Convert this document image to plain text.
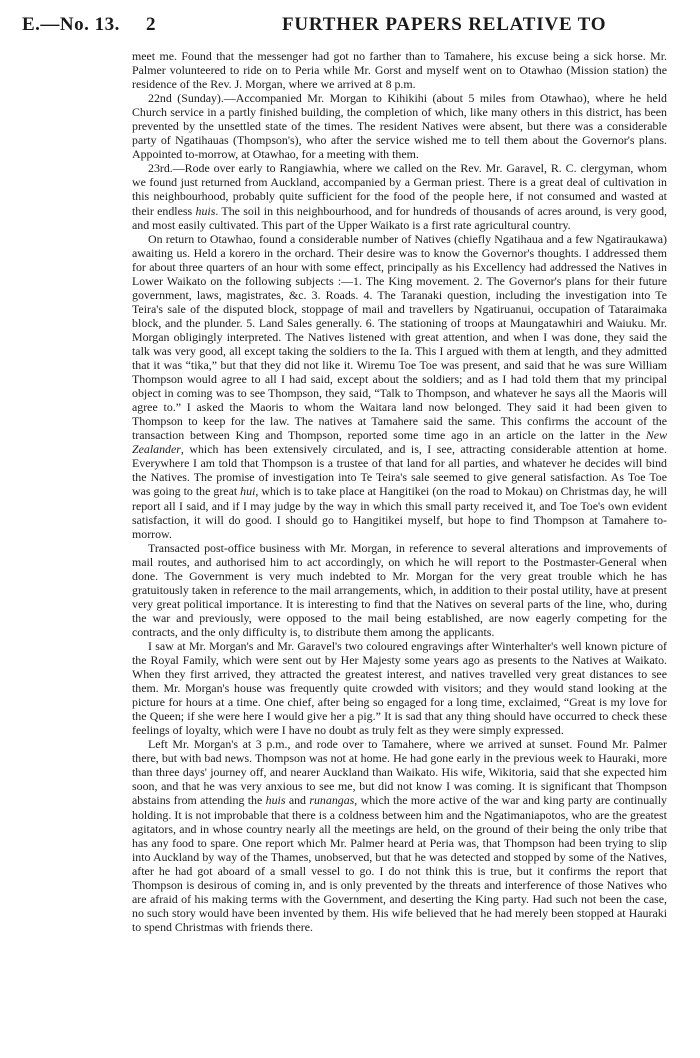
E.—No. 13. 2	FURTHER PAPERS RELATIVE TO

meet me. Found that the messenger had got no farther than to Tamahere, his excuse being a sick horse. Mr. Palmer volunteered to ride on to Peria while Mr. Gorst and myself went on to Otawhao (Mission station) the residence of the Rev. J. Morgan, where we arrived at 8 p.m.

22nd (Sunday).—Accompanied Mr. Morgan to Kihikihi (about 5 miles from Otawhao), where he held Church service in a partly finished building, the completion of which, like many others in this district, has been prevented by the unsettled state of the times. The resident Natives were absent, but there was a considerable party of Ngatihauas (Thompson's), who after the service wished me to tell them about the Governor's plans. Appointed to-morrow, at Otawhao, for a meeting with them.

23rd.—Rode over early to Rangiawhia, where we called on the Rev. Mr. Garavel, R. C. clergyman, whom we found just returned from Auckland, accompanied by a German priest. There is a great deal of cultivation in this neighbourhood, probably quite sufficient for the food of the people here, if not consumed and wasted at their endless huis. The soil in this neighbourhood, and for hundreds of thousands of acres around, is very good, and most easily cultivated. This part of the Upper Waikato is a first rate agricultural country.

On return to Otawhao, found a considerable number of Natives (chiefly Ngatihaua and a few Ngatiraukawa) awaiting us. Held a korero in the orchard. Their desire was to know the Governor's thoughts. I addressed them for about three quarters of an hour with some effect, principally as his Excellency had addressed the Natives in Lower Waikato on the following subjects :—1. The King movement. 2. The Governor's plans for their future government, laws, magistrates, &c. 3. Roads. 4. The Taranaki question, including the investigation into Te Teira's sale of the disputed block, stoppage of mail and travellers by Ngatiruanui, occupation of Tataraimaka block, and the plunder. 5. Land Sales generally. 6. The stationing of troops at Maungatawhiri and Waiuku. Mr. Morgan obligingly interpreted. The Natives listened with great attention, and when I was done, they said the talk was very good, all except taking the soldiers to the Ia. This I argued with them at length, and they admitted that it was “tika,” but that they did not like it. Wiremu Toe Toe was present, and said that he was sure William Thompson would agree to all I had said, except about the soldiers; and as I had told them that my principal object in coming was to see Thompson, they said, “Talk to Thompson, and whatever he says all the Maoris will agree to.” I asked the Maoris to whom the Waitara land now belonged. They said it had been given to Thompson to keep for the law. The natives at Tamahere said the same. This confirms the account of the transaction between King and Thompson, reported some time ago in an article on the latter in the New Zealander, which has been extensively circulated, and is, I see, attracting considerable attention at home. Everywhere I am told that Thompson is a trustee of that land for all parties, and whatever he decides will bind the Natives. The promise of investigation into Te Teira's sale seemed to give general satisfaction. As Toe Toe was going to the great hui, which is to take place at Hangitikei (on the road to Mokau) on Christmas day, he will report all I said, and if I may judge by the way in which this small party received it, and Toe Toe's own evident satisfaction, it will do good. I should go to Hangitikei myself, but hope to find Thompson at Tamahere to-morrow.

Transacted post-office business with Mr. Morgan, in reference to several alterations and improvements of mail routes, and authorised him to act accordingly, on which he will report to the Postmaster-General when done. The Government is very much indebted to Mr. Morgan for the very great trouble which he has gratuitously taken in reference to the mail arrangements, which, in addition to their postal utility, have at present very great political importance. It is interesting to find that the Natives on several parts of the line, who, during the war and previously, were opposed to the mail being established, are now eagerly competing for the contracts, and the only difficulty is, to distribute them among the applicants.

I saw at Mr. Morgan's and Mr. Garavel's two coloured engravings after Winterhalter's well known picture of the Royal Family, which were sent out by Her Majesty some years ago as presents to the Natives at Waikato. When they first arrived, they attracted the greatest interest, and natives travelled very great distances to see them. Mr. Morgan's house was frequently quite crowded with visitors; and they would stand looking at the picture for hours at a time. One chief, after being so engaged for a long time, exclaimed, “Great is my love for the Queen; if she were here I would give her a pig.” It is sad that any thing should have occurred to check these feelings of loyalty, which were I have no doubt as truly felt as they were simply expressed.

Left Mr. Morgan's at 3 p.m., and rode over to Tamahere, where we arrived at sunset. Found Mr. Palmer there, but with bad news. Thompson was not at home. He had gone early in the previous week to Hauraki, more than three days' journey off, and nearer Auckland than Waikato. His wife, Wikitoria, said that she expected him soon, and that he was very anxious to see me, but did not know I was coming. It is significant that Thompson abstains from attending the huis and runangas, which the more active of the war and king party are continually holding. It is not improbable that there is a coldness between him and the Ngatimaniapotos, who are the greatest agitators, and in whose country nearly all the meetings are held, on the ground of their being the only tribe that has any food to spare. One report which Mr. Palmer heard at Peria was, that Thompson had been trying to slip into Auckland by way of the Thames, unobserved, but that he was detected and stopped by some of the Natives, after he had got aboard of a small vessel to go. I do not think this is true, but it confirms the report that Thompson is desirous of coming in, and is only prevented by the threats and interference of those Natives who are afraid of his making terms with the Government, and deserting the King party. Had such not been the case, no such story would have been invented by them. His wife believed that he had merely been stopped at Hauraki to spend Christmas with friends there.
